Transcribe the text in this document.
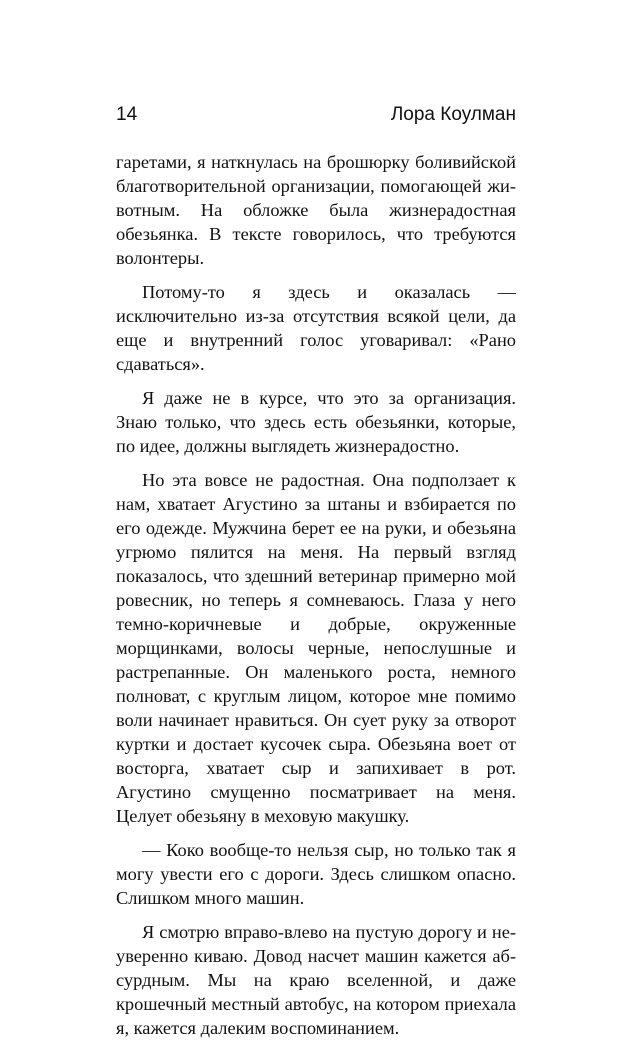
14	Лора Коулман

гаретами, я наткнулась на брошюрку боливийской благотворительной организации, помогающей животным. На обложке была жизнерадостная обезьянка. В тексте говорилось, что требуются волонтеры.

Потому-то я здесь и оказалась — исключительно из-за отсутствия всякой цели, да еще и внутренний голос уговаривал: «Рано сдаваться».

Я даже не в курсе, что это за организация. Знаю только, что здесь есть обезьянки, которые, по идее, должны выглядеть жизнерадостно.

Но эта вовсе не радостная. Она подползает к нам, хватает Агустино за штаны и взбирается по его одежде. Мужчина берет ее на руки, и обезьяна угрюмо пялится на меня. На первый взгляд показалось, что здешний ветеринар примерно мой ровесник, но теперь я сомневаюсь. Глаза у него темно-коричневые и добрые, окруженные морщинками, волосы черные, непослушные и растрепанные. Он маленького роста, немного полноват, с круглым лицом, которое мне помимо воли начинает нравиться. Он сует руку за отворот куртки и достает кусочек сыра. Обезьяна воет от восторга, хватает сыр и запихивает в рот. Агустино смущенно посматривает на меня. Целует обезьяну в меховую макушку.

— Коко вообще-то нельзя сыр, но только так я могу увести его с дороги. Здесь слишком опасно. Слишком много машин.

Я смотрю вправо-влево на пустую дорогу и неуверенно киваю. Довод насчет машин кажется абсурдным. Мы на краю вселенной, и даже крошечный местный автобус, на котором приехала я, кажется далеким воспоминанием.
